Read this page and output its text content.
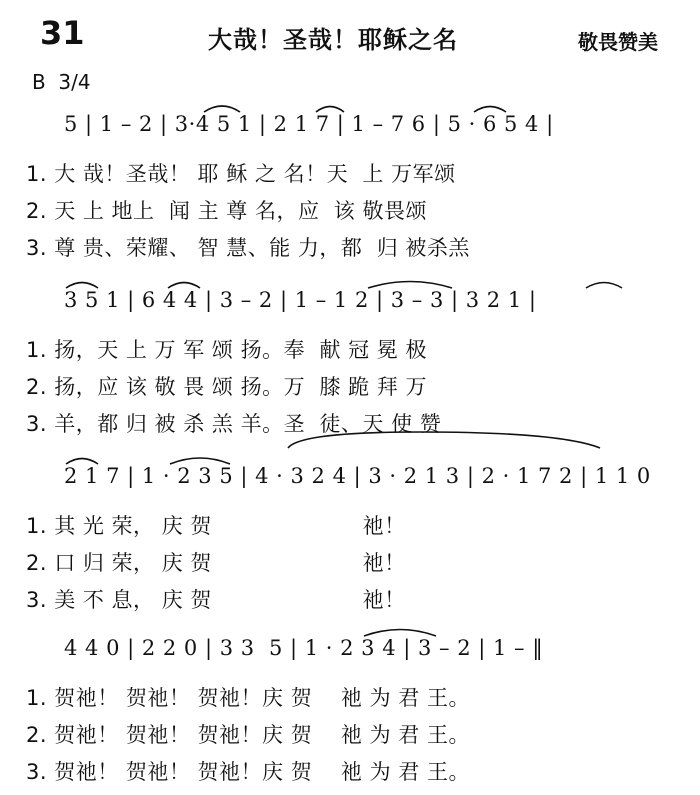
31	大哉！圣哉！耶稣之名	敬畏赞美
B  3/4
5 | 1 – 2 | 3·4 5 1 | 2 1 7 | 1 – 7 6 | 5 · 6 5 4 |
1. 大 哉！圣哉！ 耶 稣 之 名！天  上 万军颂
2. 天 上 地上  闻 主 尊 名，应  该 敬畏颂
3. 尊 贵、荣耀、 智 慧、能 力，都  归 被杀羔
3 5 1 | 6 4 4 | 3 – 2 | 1 – 1 2 | 3 – 3 | 3 2 1 |
1. 扬，天 上 万 军 颂 扬。奉  献 冠 冕 极
2. 扬，应 该 敬 畏 颂 扬。万  膝 跪 拜 万
3. 羊，都 归 被 杀 羔 羊。圣  徒、天 使 赞
2 1 7 | 1 · 2 3 5 | 4 · 3 2 4 | 3 · 2 1 3 | 2 · 1 7 2 | 1 1 0
1. 其 光 荣， 庆 贺                     祂！
2. 口 归 荣， 庆 贺                     祂！
3. 美 不 息， 庆 贺                     祂！
4 4 0 | 2 2 0 | 3 3  5 | 1 · 2 3 4 | 3 – 2 | 1 – ‖
1. 贺祂！ 贺祂！ 贺祂！庆 贺    祂 为 君 王。
2. 贺祂！ 贺祂！ 贺祂！庆 贺    祂 为 君 王。
3. 贺祂！ 贺祂！ 贺祂！庆 贺    祂 为 君 王。
